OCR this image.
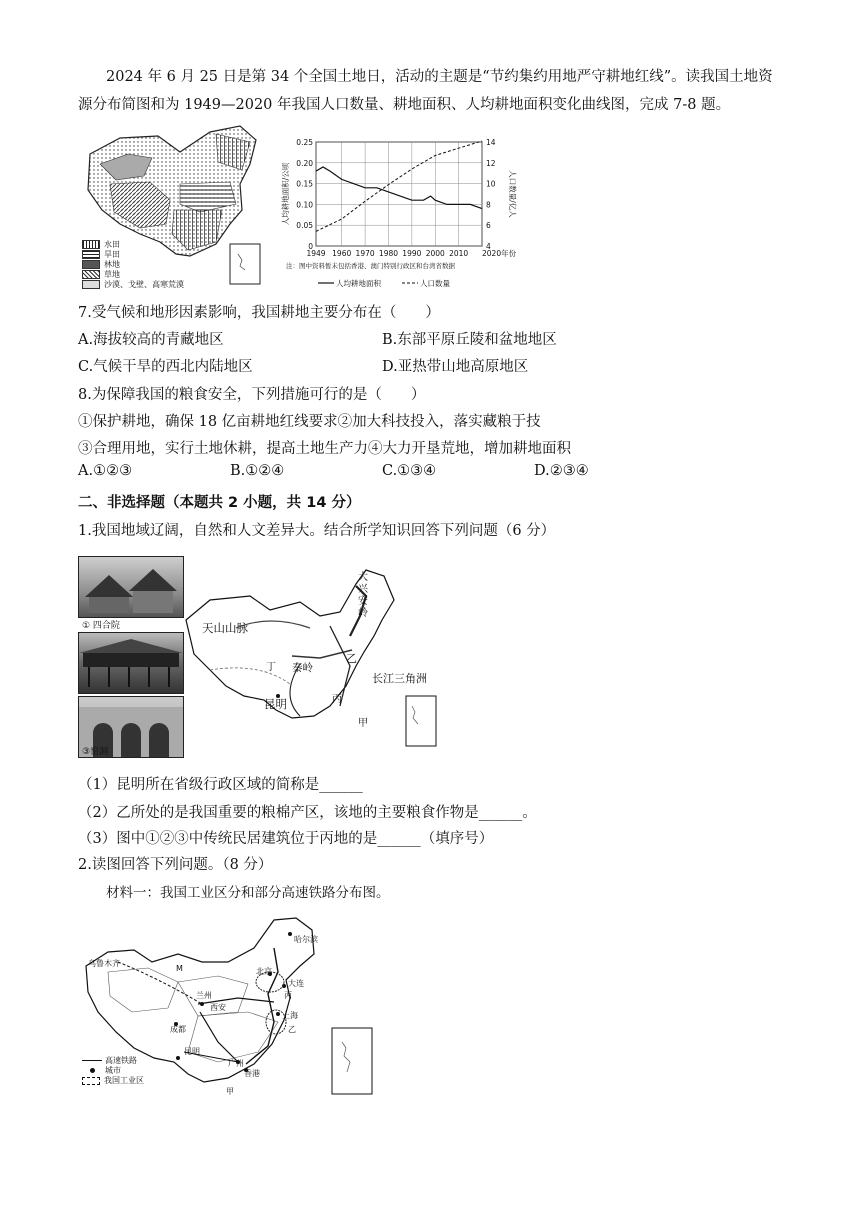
2024 年 6 月 25 日是第 34 个全国土地日，活动的主题是“节约集约用地严守耕地红线”。读我国土地资
源分布简图和为 1949—2020 年我国人口数量、耕地面积、人均耕地面积变化曲线图，完成 7-8 题。
水田
旱田
林地
草地
沙漠、戈壁、高寒荒漠
1949 1960 1970 1980 1990 2000 2010 2020年份
0
0.05
0.10
0.15
0.20
0.25
4
6
8
10
12
14
人均耕地面积/公顷	人口数量/亿人
注：图中资料暂未包括香港、澳门特别行政区和台湾省数据
人均耕地面积	人口数量
7.受气候和地形因素影响，我国耕地主要分布在（　　）
A.海拔较高的青藏地区	B.东部平原丘陵和盆地地区
C.气候干旱的西北内陆地区	D.亚热带山地高原地区
8.为保障我国的粮食安全，下列措施可行的是（　　）
①保护耕地，确保 18 亿亩耕地红线要求②加大科技投入，落实藏粮于技
③合理用地，实行土地休耕，提高土地生产力④大力开垦荒地，增加耕地面积
A.①②③	B.①②④	C.①③④	D.②③④
二、非选择题（本题共 2 小题，共 14 分）
1.我国地域辽阔，自然和人文差异大。结合所学知识回答下列问题（6 分）
① 四合院
③窑洞
大兴安岭
天山山脉
秦岭
丁
乙
丙
甲
昆明
长江三角洲
（1）昆明所在省级行政区域的简称是______
（2）乙所处的是我国重要的粮棉产区，该地的主要粮食作物是______。
（3）图中①②③中传统民居建筑位于丙地的是______（填序号）
2.读图回答下列问题。（8 分）
材料一：我国工业区分和部分高速铁路分布图。
哈尔滨
北京
大连
丙
乌鲁木齐
M
兰州
西安
成都
上海
乙
昆明
广州
香港
甲
高速铁路
城市
我国工业区
